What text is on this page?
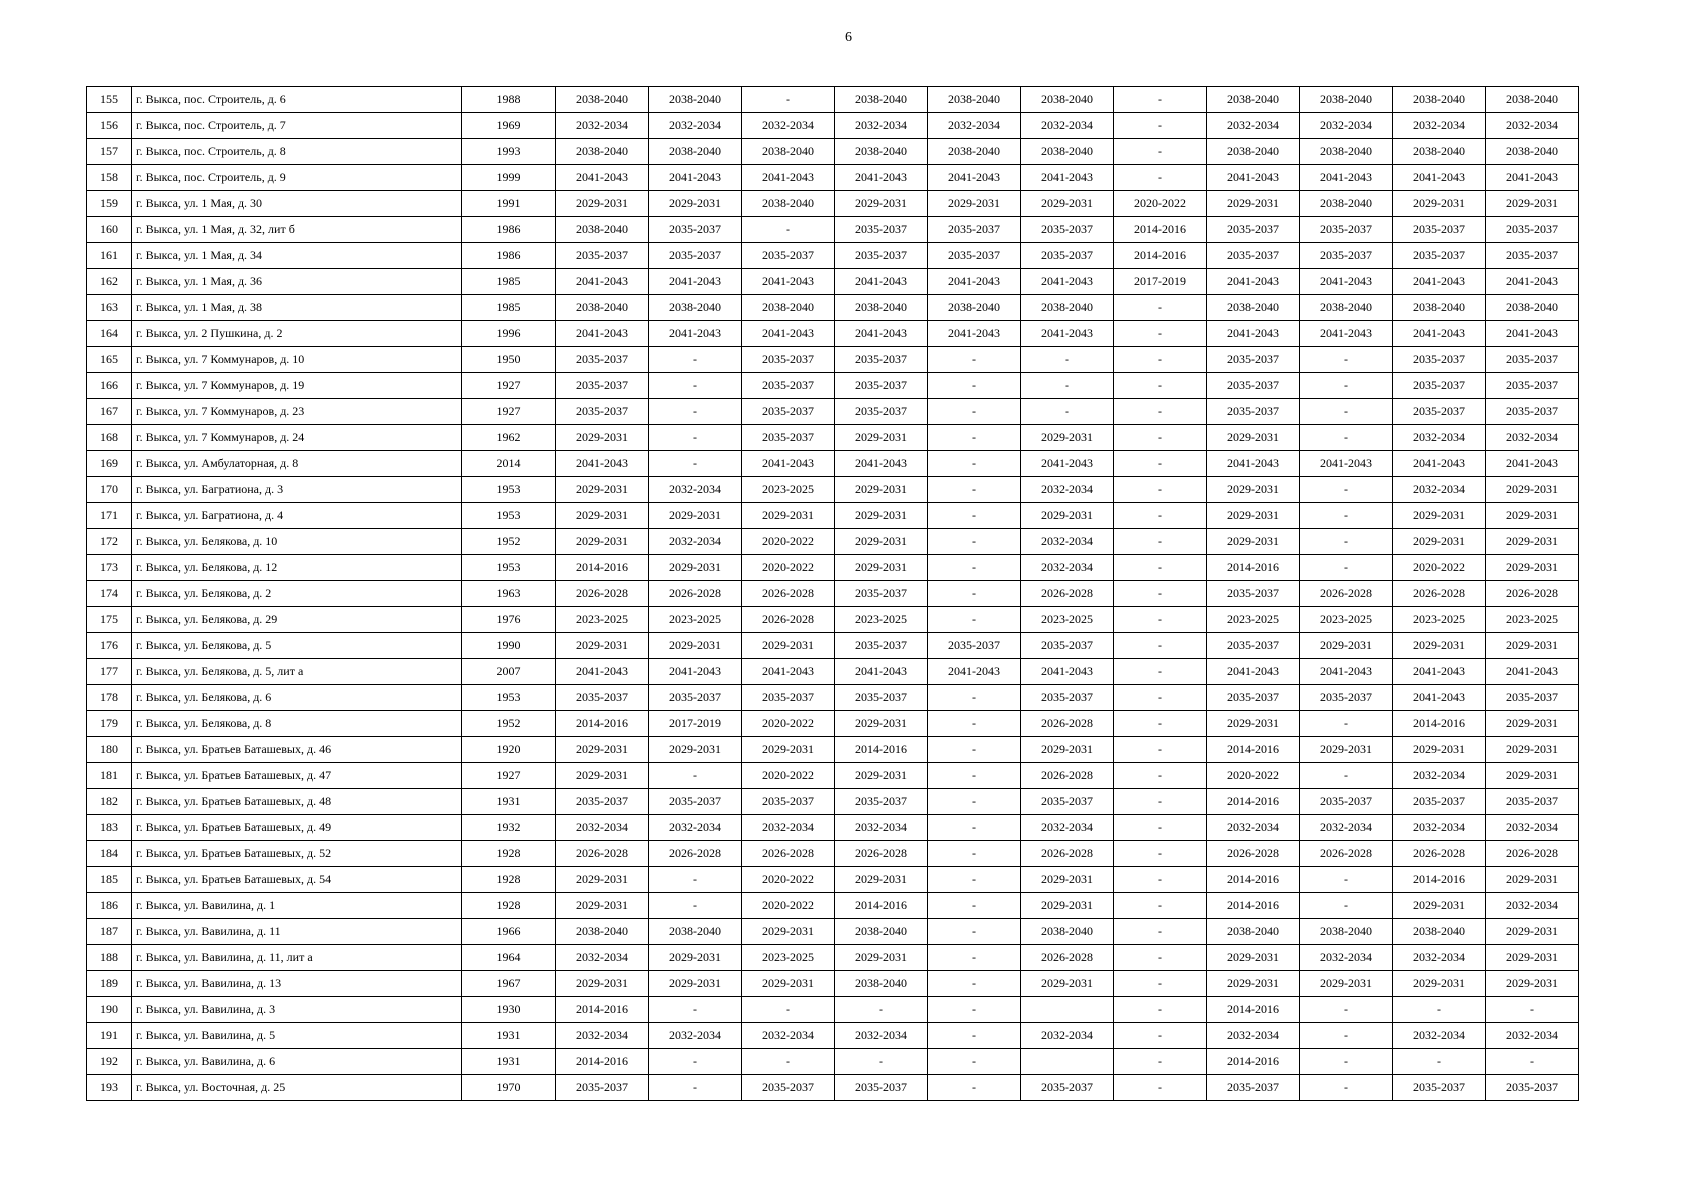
6
155	г. Выкса, пос. Строитель, д. 6	1988	2038-2040	2038-2040	-	2038-2040	2038-2040	2038-2040	-	2038-2040	2038-2040	2038-2040	2038-2040
156	г. Выкса, пос. Строитель, д. 7	1969	2032-2034	2032-2034	2032-2034	2032-2034	2032-2034	2032-2034	-	2032-2034	2032-2034	2032-2034	2032-2034
157	г. Выкса, пос. Строитель, д. 8	1993	2038-2040	2038-2040	2038-2040	2038-2040	2038-2040	2038-2040	-	2038-2040	2038-2040	2038-2040	2038-2040
158	г. Выкса, пос. Строитель, д. 9	1999	2041-2043	2041-2043	2041-2043	2041-2043	2041-2043	2041-2043	-	2041-2043	2041-2043	2041-2043	2041-2043
159	г. Выкса, ул. 1 Мая, д. 30	1991	2029-2031	2029-2031	2038-2040	2029-2031	2029-2031	2029-2031	2020-2022	2029-2031	2038-2040	2029-2031	2029-2031
160	г. Выкса, ул. 1 Мая, д. 32, лит б	1986	2038-2040	2035-2037	-	2035-2037	2035-2037	2035-2037	2014-2016	2035-2037	2035-2037	2035-2037	2035-2037
161	г. Выкса, ул. 1 Мая, д. 34	1986	2035-2037	2035-2037	2035-2037	2035-2037	2035-2037	2035-2037	2014-2016	2035-2037	2035-2037	2035-2037	2035-2037
162	г. Выкса, ул. 1 Мая, д. 36	1985	2041-2043	2041-2043	2041-2043	2041-2043	2041-2043	2041-2043	2017-2019	2041-2043	2041-2043	2041-2043	2041-2043
163	г. Выкса, ул. 1 Мая, д. 38	1985	2038-2040	2038-2040	2038-2040	2038-2040	2038-2040	2038-2040	-	2038-2040	2038-2040	2038-2040	2038-2040
164	г. Выкса, ул. 2 Пушкина, д. 2	1996	2041-2043	2041-2043	2041-2043	2041-2043	2041-2043	2041-2043	-	2041-2043	2041-2043	2041-2043	2041-2043
165	г. Выкса, ул. 7 Коммунаров, д. 10	1950	2035-2037	-	2035-2037	2035-2037	-	-	-	2035-2037	-	2035-2037	2035-2037
166	г. Выкса, ул. 7 Коммунаров, д. 19	1927	2035-2037	-	2035-2037	2035-2037	-	-	-	2035-2037	-	2035-2037	2035-2037
167	г. Выкса, ул. 7 Коммунаров, д. 23	1927	2035-2037	-	2035-2037	2035-2037	-	-	-	2035-2037	-	2035-2037	2035-2037
168	г. Выкса, ул. 7 Коммунаров, д. 24	1962	2029-2031	-	2035-2037	2029-2031	-	2029-2031	-	2029-2031	-	2032-2034	2032-2034
169	г. Выкса, ул. Амбулаторная, д. 8	2014	2041-2043	-	2041-2043	2041-2043	-	2041-2043	-	2041-2043	2041-2043	2041-2043	2041-2043
170	г. Выкса, ул. Багратиона, д. 3	1953	2029-2031	2032-2034	2023-2025	2029-2031	-	2032-2034	-	2029-2031	-	2032-2034	2029-2031
171	г. Выкса, ул. Багратиона, д. 4	1953	2029-2031	2029-2031	2029-2031	2029-2031	-	2029-2031	-	2029-2031	-	2029-2031	2029-2031
172	г. Выкса, ул. Белякова, д. 10	1952	2029-2031	2032-2034	2020-2022	2029-2031	-	2032-2034	-	2029-2031	-	2029-2031	2029-2031
173	г. Выкса, ул. Белякова, д. 12	1953	2014-2016	2029-2031	2020-2022	2029-2031	-	2032-2034	-	2014-2016	-	2020-2022	2029-2031
174	г. Выкса, ул. Белякова, д. 2	1963	2026-2028	2026-2028	2026-2028	2035-2037	-	2026-2028	-	2035-2037	2026-2028	2026-2028	2026-2028
175	г. Выкса, ул. Белякова, д. 29	1976	2023-2025	2023-2025	2026-2028	2023-2025	-	2023-2025	-	2023-2025	2023-2025	2023-2025	2023-2025
176	г. Выкса, ул. Белякова, д. 5	1990	2029-2031	2029-2031	2029-2031	2035-2037	2035-2037	2035-2037	-	2035-2037	2029-2031	2029-2031	2029-2031
177	г. Выкса, ул. Белякова, д. 5, лит а	2007	2041-2043	2041-2043	2041-2043	2041-2043	2041-2043	2041-2043	-	2041-2043	2041-2043	2041-2043	2041-2043
178	г. Выкса, ул. Белякова, д. 6	1953	2035-2037	2035-2037	2035-2037	2035-2037	-	2035-2037	-	2035-2037	2035-2037	2041-2043	2035-2037
179	г. Выкса, ул. Белякова, д. 8	1952	2014-2016	2017-2019	2020-2022	2029-2031	-	2026-2028	-	2029-2031	-	2014-2016	2029-2031
180	г. Выкса, ул. Братьев Баташевых, д. 46	1920	2029-2031	2029-2031	2029-2031	2014-2016	-	2029-2031	-	2014-2016	2029-2031	2029-2031	2029-2031
181	г. Выкса, ул. Братьев Баташевых, д. 47	1927	2029-2031	-	2020-2022	2029-2031	-	2026-2028	-	2020-2022	-	2032-2034	2029-2031
182	г. Выкса, ул. Братьев Баташевых, д. 48	1931	2035-2037	2035-2037	2035-2037	2035-2037	-	2035-2037	-	2014-2016	2035-2037	2035-2037	2035-2037
183	г. Выкса, ул. Братьев Баташевых, д. 49	1932	2032-2034	2032-2034	2032-2034	2032-2034	-	2032-2034	-	2032-2034	2032-2034	2032-2034	2032-2034
184	г. Выкса, ул. Братьев Баташевых, д. 52	1928	2026-2028	2026-2028	2026-2028	2026-2028	-	2026-2028	-	2026-2028	2026-2028	2026-2028	2026-2028
185	г. Выкса, ул. Братьев Баташевых, д. 54	1928	2029-2031	-	2020-2022	2029-2031	-	2029-2031	-	2014-2016	-	2014-2016	2029-2031
186	г. Выкса, ул. Вавилина, д. 1	1928	2029-2031	-	2020-2022	2014-2016	-	2029-2031	-	2014-2016	-	2029-2031	2032-2034
187	г. Выкса, ул. Вавилина, д. 11	1966	2038-2040	2038-2040	2029-2031	2038-2040	-	2038-2040	-	2038-2040	2038-2040	2038-2040	2029-2031
188	г. Выкса, ул. Вавилина, д. 11, лит а	1964	2032-2034	2029-2031	2023-2025	2029-2031	-	2026-2028	-	2029-2031	2032-2034	2032-2034	2029-2031
189	г. Выкса, ул. Вавилина, д. 13	1967	2029-2031	2029-2031	2029-2031	2038-2040	-	2029-2031	-	2029-2031	2029-2031	2029-2031	2029-2031
190	г. Выкса, ул. Вавилина, д. 3	1930	2014-2016	-	-	-	-		-	2014-2016	-	-	-
191	г. Выкса, ул. Вавилина, д. 5	1931	2032-2034	2032-2034	2032-2034	2032-2034	-	2032-2034	-	2032-2034	-	2032-2034	2032-2034
192	г. Выкса, ул. Вавилина, д. 6	1931	2014-2016	-	-	-	-		-	2014-2016	-	-	-
193	г. Выкса, ул. Восточная, д. 25	1970	2035-2037	-	2035-2037	2035-2037	-	2035-2037	-	2035-2037	-	2035-2037	2035-2037
